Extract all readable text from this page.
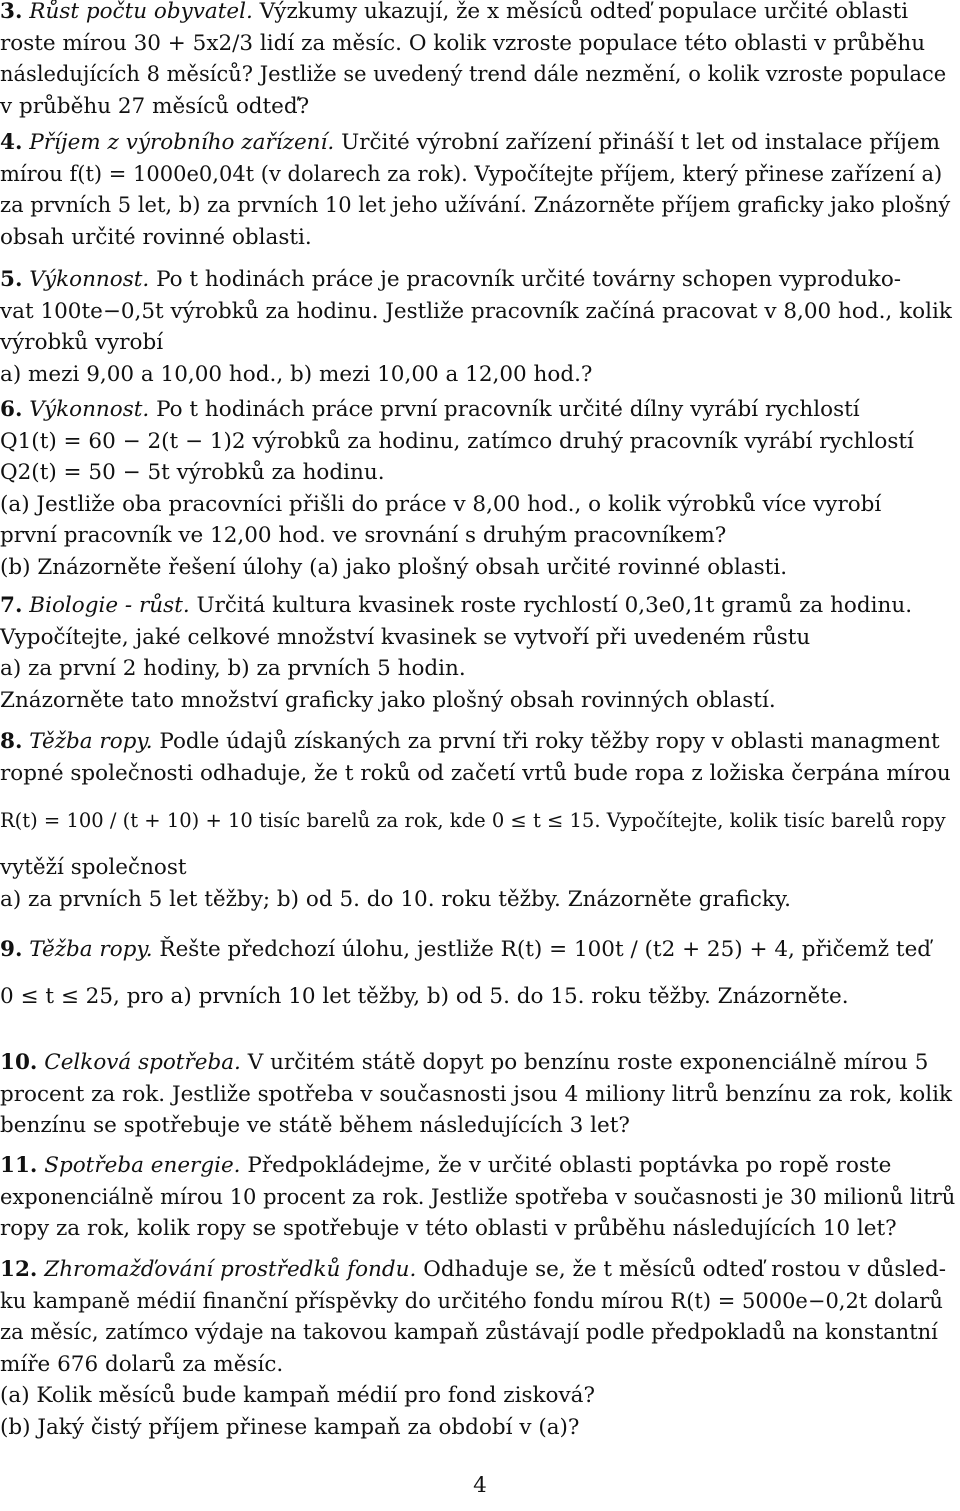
3. Růst počtu obyvatel. Výzkumy ukazují, že x měsíců odteď populace určité oblasti
roste mírou 30 + 5x2/3 lidí za měsíc. O kolik vzroste populace této oblasti v průběhu
následujících 8 měsíců? Jestliže se uvedený trend dále nezmění, o kolik vzroste populace
v průběhu 27 měsíců odteď?
4. Příjem z výrobního zařízení. Určité výrobní zařízení přináší t let od instalace příjem
mírou f(t) = 1000e0,04t (v dolarech za rok). Vypočítejte příjem, který přinese zařízení a)
za prvních 5 let, b) za prvních 10 let jeho užívání. Znázorněte příjem graficky jako plošný
obsah určité rovinné oblasti.
5. Výkonnost. Po t hodinách práce je pracovník určité továrny schopen vyprodukо-
vat 100te−0,5t výrobků za hodinu. Jestliže pracovník začíná pracovat v 8,00 hod., kolik
výrobků vyrobí
a) mezi 9,00 a 10,00 hod., b) mezi 10,00 a 12,00 hod.?
6. Výkonnost. Po t hodinách práce první pracovník určité dílny vyrábí rychlostí
Q1(t) = 60 − 2(t − 1)2 výrobků za hodinu, zatímco druhý pracovník vyrábí rychlostí
Q2(t) = 50 − 5t výrobků za hodinu.
(a) Jestliže oba pracovníci přišli do práce v 8,00 hod., o kolik výrobků více vyrobí
první pracovník ve 12,00 hod. ve srovnání s druhým pracovníkem?
(b) Znázorněte řešení úlohy (a) jako plošný obsah určité rovinné oblasti.
7. Biologie - růst. Určitá kultura kvasinek roste rychlostí 0,3e0,1t gramů za hodinu.
Vypočítejte, jaké celkové množství kvasinek se vytvoří při uvedeném růstu
a) za první 2 hodiny, b) za prvních 5 hodin.
Znázorněte tato množství graficky jako plošný obsah rovinných oblastí.
8. Těžba ropy. Podle údajů získaných za první tři roky těžby ropy v oblasti managment
ropné společnosti odhaduje, že t roků od začetí vrtů bude ropa z ložiska čerpána mírou
R(t) = 100 / (t + 10) + 10 tisíc barelů za rok, kde 0 ≤ t ≤ 15. Vypočítejte, kolik tisíc barelů ropy
vytěží společnost
a) za prvních 5 let těžby; b) od 5. do 10. roku těžby. Znázorněte graficky.
9. Těžba ropy. Řešte předchozí úlohu, jestliže R(t) = 100t / (t2 + 25) + 4, přičemž teď
0 ≤ t ≤ 25, pro a) prvních 10 let těžby, b) od 5. do 15. roku těžby. Znázorněte.
10. Celková spotřeba. V určitém státě dopyt po benzínu roste exponenciálně mírou 5
procent za rok. Jestliže spotřeba v současnosti jsou 4 miliony litrů benzínu za rok, kolik
benzínu se spotřebuje ve státě během následujících 3 let?
11. Spotřeba energie. Předpokládejme, že v určité oblasti poptávka po ropě roste
exponenciálně mírou 10 procent za rok. Jestliže spotřeba v současnosti je 30 milionů litrů
ropy za rok, kolik ropy se spotřebuje v této oblasti v průběhu následujících 10 let?
12. Zhromažďování prostředků fondu. Odhaduje se, že t měsíců odteď rostou v důsled-
ku kampaně médií finanční příspěvky do určitého fondu mírou R(t) = 5000e−0,2t dolarů
za měsíc, zatímco výdaje na takovou kampaň zůstávají podle předpokladů na konstantní
míře 676 dolarů za měsíc.
(a) Kolik měsíců bude kampaň médií pro fond zisková?
(b) Jaký čistý příjem přinese kampaň za období v (a)?
4
